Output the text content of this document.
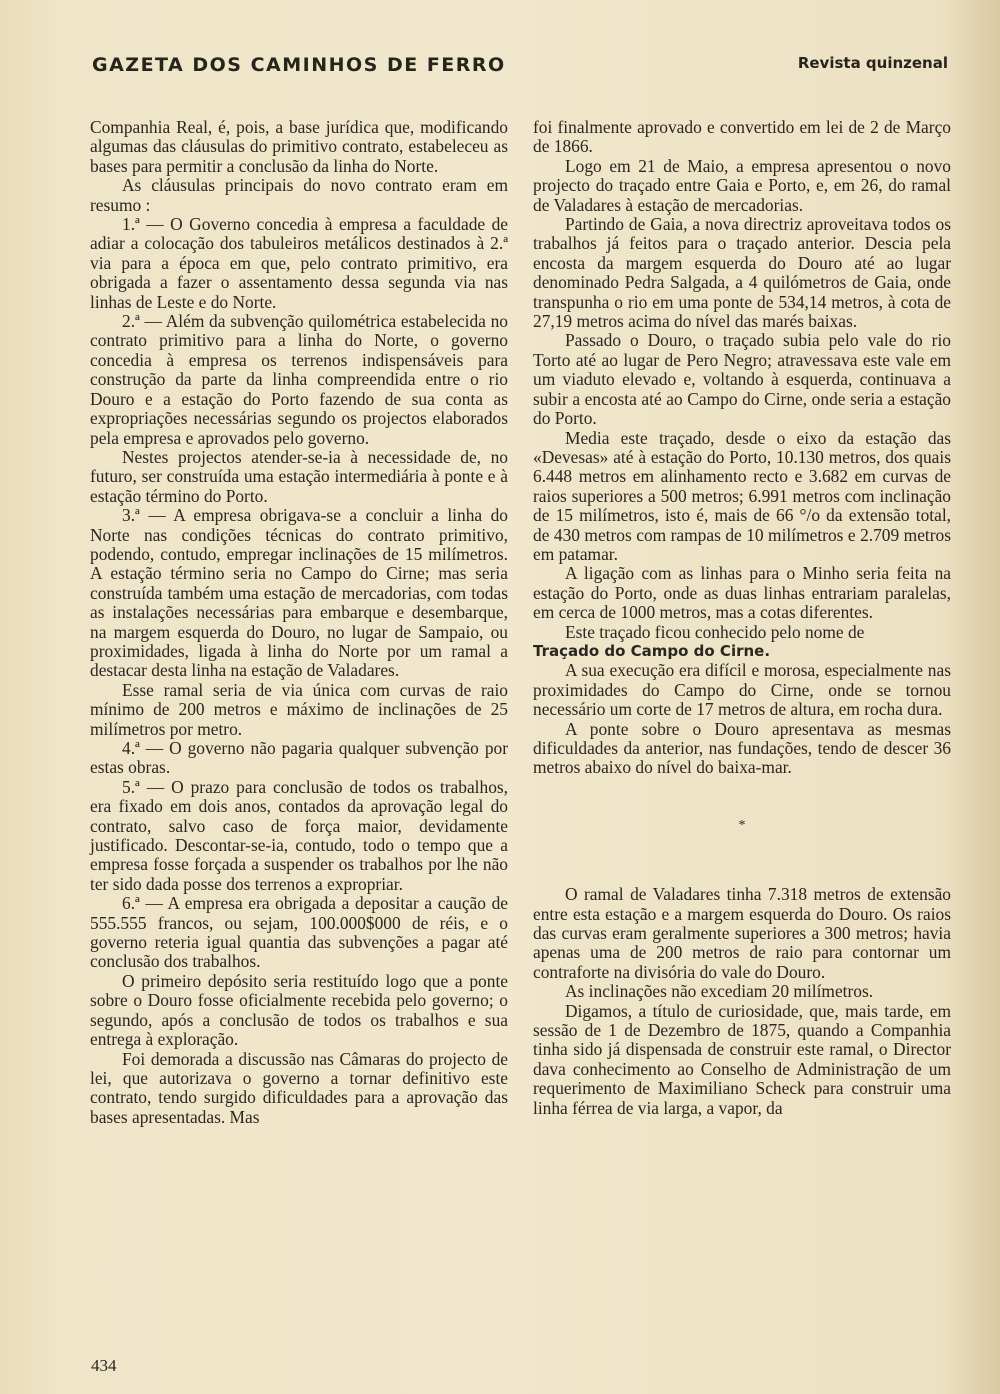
GAZETA DOS CAMINHOS DE FERRO	Revista quinzenal

Companhia Real, é, pois, a base jurídica que, modificando algumas das cláusulas do primitivo contrato, estabeleceu as bases para permitir a conclusão da linha do Norte.

As cláusulas principais do novo contrato eram em resumo :

1.ª — O Governo concedia à empresa a faculdade de adiar a colocação dos tabuleiros metálicos destinados à 2.ª via para a época em que, pelo contrato primitivo, era obrigada a fazer o assentamento dessa segunda via nas linhas de Leste e do Norte.

2.ª — Além da subvenção quilométrica estabelecida no contrato primitivo para a linha do Norte, o governo concedia à empresa os terrenos indispensáveis para construção da parte da linha compreendida entre o rio Douro e a estação do Porto fazendo de sua conta as expropriações necessárias segundo os projectos elaborados pela empresa e aprovados pelo governo.

Nestes projectos atender-se-ia à necessidade de, no futuro, ser construída uma estação intermediária à ponte e à estação término do Porto.

3.ª — A empresa obrigava-se a concluir a linha do Norte nas condições técnicas do contrato primitivo, podendo, contudo, empregar inclinações de 15 milímetros. A estação término seria no Campo do Cirne; mas seria construída também uma estação de mercadorias, com todas as instalações necessárias para embarque e desembarque, na margem esquerda do Douro, no lugar de Sampaio, ou proximidades, ligada à linha do Norte por um ramal a destacar desta linha na estação de Valadares.

Esse ramal seria de via única com curvas de raio mínimo de 200 metros e máximo de inclinações de 25 milímetros por metro.

4.ª — O governo não pagaria qualquer subvenção por estas obras.

5.ª — O prazo para conclusão de todos os trabalhos, era fixado em dois anos, contados da aprovação legal do contrato, salvo caso de força maior, devidamente justificado. Descontar-se-ia, contudo, todo o tempo que a empresa fosse forçada a suspender os trabalhos por lhe não ter sido dada posse dos terrenos a expropriar.

6.ª — A empresa era obrigada a depositar a caução de 555.555 francos, ou sejam, 100.000$000 de réis, e o governo reteria igual quantia das subvenções a pagar até conclusão dos trabalhos.

O primeiro depósito seria restituído logo que a ponte sobre o Douro fosse oficialmente recebida pelo governo; o segundo, após a conclusão de todos os trabalhos e sua entrega à exploração.

Foi demorada a discussão nas Câmaras do projecto de lei, que autorizava o governo a tornar definitivo este contrato, tendo surgido dificuldades para a aprovação das bases apresentadas. Mas

foi finalmente aprovado e convertido em lei de 2 de Março de 1866.

Logo em 21 de Maio, a empresa apresentou o novo projecto do traçado entre Gaia e Porto, e, em 26, do ramal de Valadares à estação de mercadorias.

Partindo de Gaia, a nova directriz aproveitava todos os trabalhos já feitos para o traçado anterior. Descia pela encosta da margem esquerda do Douro até ao lugar denominado Pedra Salgada, a 4 quilómetros de Gaia, onde transpunha o rio em uma ponte de 534,14 metros, à cota de 27,19 metros acima do nível das marés baixas.

Passado o Douro, o traçado subia pelo vale do rio Torto até ao lugar de Pero Negro; atravessava este vale em um viaduto elevado e, voltando à esquerda, continuava a subir a encosta até ao Campo do Cirne, onde seria a estação do Porto.

Media este traçado, desde o eixo da estação das «Devesas» até à estação do Porto, 10.130 metros, dos quais 6.448 metros em alinhamento recto e 3.682 em curvas de raios superiores a 500 metros; 6.991 metros com inclinação de 15 milímetros, isto é, mais de 66 °/o da extensão total, de 430 metros com rampas de 10 milímetros e 2.709 metros em patamar.

A ligação com as linhas para o Minho seria feita na estação do Porto, onde as duas linhas entrariam paralelas, em cerca de 1000 metros, mas a cotas diferentes.

Este traçado ficou conhecido pelo nome de

Traçado do Campo do Cirne.

A sua execução era difícil e morosa, especialmente nas proximidades do Campo do Cirne, onde se tornou necessário um corte de 17 metros de altura, em rocha dura.

A ponte sobre o Douro apresentava as mesmas dificuldades da anterior, nas fundações, tendo de descer 36 metros abaixo do nível do baixa-mar.

*

O ramal de Valadares tinha 7.318 metros de extensão entre esta estação e a margem esquerda do Douro. Os raios das curvas eram geralmente superiores a 300 metros; havia apenas uma de 200 metros de raio para contornar um contraforte na divisória do vale do Douro.

As inclinações não excediam 20 milímetros.

Digamos, a título de curiosidade, que, mais tarde, em sessão de 1 de Dezembro de 1875, quando a Companhia tinha sido já dispensada de construir este ramal, o Director dava conhecimento ao Conselho de Administração de um requerimento de Maximiliano Scheck para construir uma linha férrea de via larga, a vapor, da

434
